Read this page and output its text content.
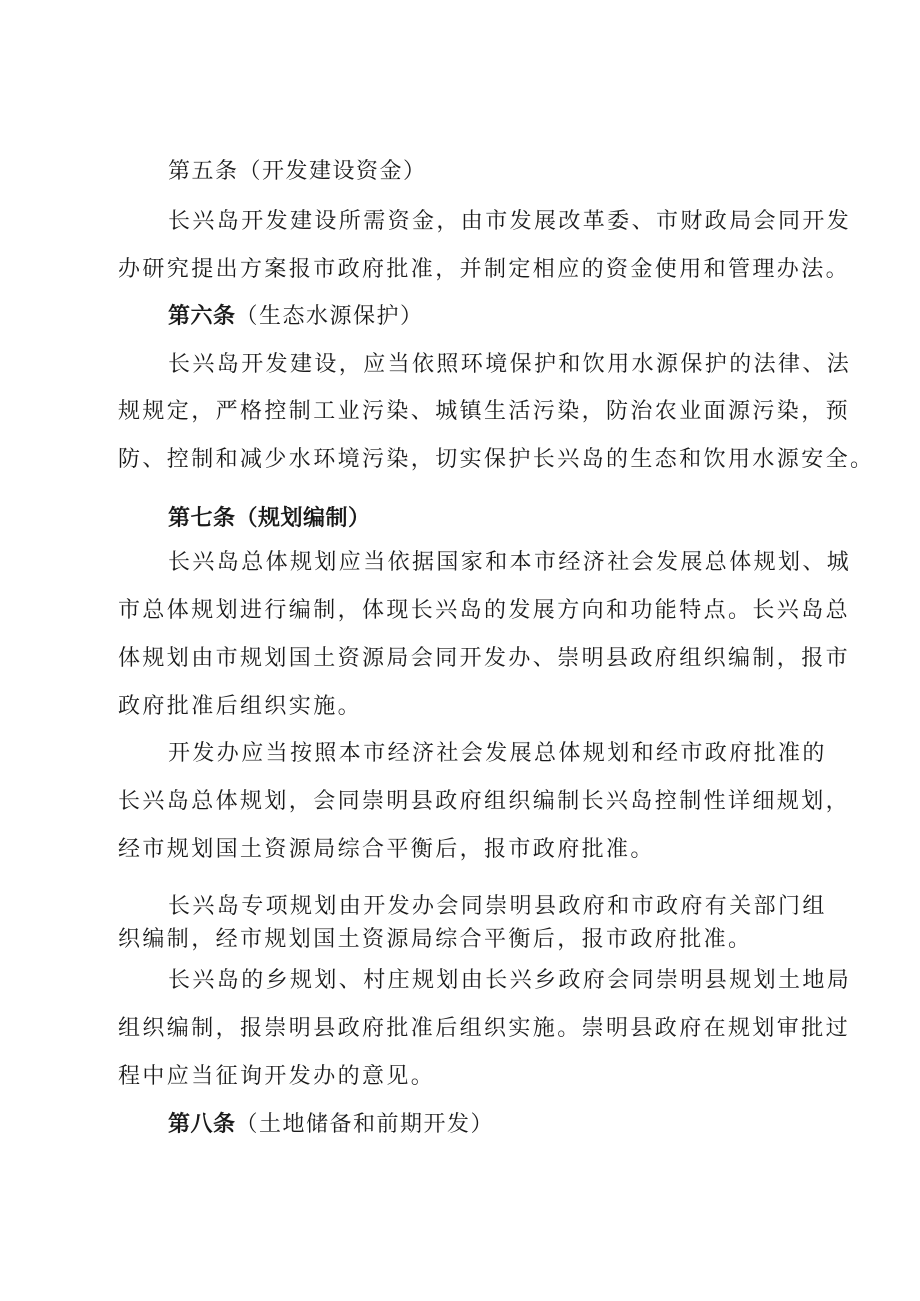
第五条（开发建设资金）

长兴岛开发建设所需资金，由市发展改革委、市财政局会同开发

办研究提出方案报市政府批准，并制定相应的资金使用和管理办法。

第六条（生态水源保护）

长兴岛开发建设，应当依照环境保护和饮用水源保护的法律、法

规规定，严格控制工业污染、城镇生活污染，防治农业面源污染，预

防、控制和减少水环境污染，切实保护长兴岛的生态和饮用水源安全。

第七条（规划编制）

长兴岛总体规划应当依据国家和本市经济社会发展总体规划、城

市总体规划进行编制，体现长兴岛的发展方向和功能特点。长兴岛总

体规划由市规划国土资源局会同开发办、崇明县政府组织编制，报市

政府批准后组织实施。

开发办应当按照本市经济社会发展总体规划和经市政府批准的

长兴岛总体规划，会同崇明县政府组织编制长兴岛控制性详细规划，

经市规划国土资源局综合平衡后，报市政府批准。

长兴岛专项规划由开发办会同崇明县政府和市政府有关部门组

织编制，经市规划国土资源局综合平衡后，报市政府批准。

长兴岛的乡规划、村庄规划由长兴乡政府会同崇明县规划土地局

组织编制，报崇明县政府批准后组织实施。崇明县政府在规划审批过

程中应当征询开发办的意见。

第八条（土地储备和前期开发）
